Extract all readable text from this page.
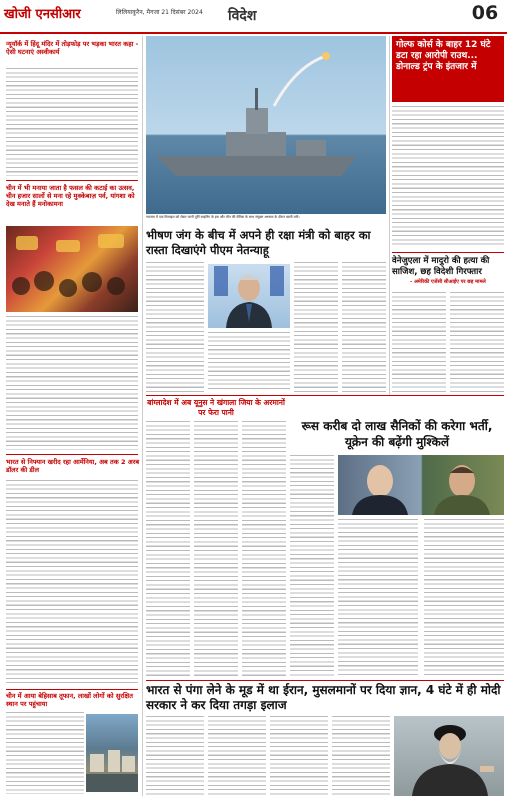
खोजी एनसीआर	लिलियाकुरैन, मैगजा 21 दिसंबर 2024 विदेश	06
न्यूयॉर्क में हिंदू मंदिर में तोड़फोड़ पर भड़का भारत कहा - ऐसी घटनाएं अस्वीकार्य
चीन में भी मनाया जाता है फसल की कटाई का उत्सव, चीन हजार सालों से मना रहे मुक्केबाज़ पर्व, यांगशा को देख मनाते हैं मनोकामना
भारत से निफ्यान खरीद रहा आर्मेनिया, अब तक 2 अरब डॉलर की डील
चीन में आया बेहिसाब तूफान, लाखों लोगों को सुरक्षित स्थान पर पहुंचाया
नाटसम में एक मिसाइल को लेकर जानी पूर्ति साइनिंग के इस और चीन की सैनिक के साथ संयुक्त अभ्यास के दौरान खानी वनी।
भीषण जंग के बीच में अपने ही रक्षा मंत्री को बाहर का रास्ता दिखाएंगे पीएम नेतन्याहू
गोल्फ कोर्स के बाहर 12 घंटे डटा रहा आरोपी राउथ... डोनाल्ड ट्रंप के इंतजार में
वेनेजुएला में मादुरो की हत्या की साजिश, छह विदेशी गिरफ्तार
- अमेरिकी एजेंसी सीआईए पर छह मामले
बांग्लादेश में अब यूनुस ने खंगाला जिया के अरमानों पर फेरा पानी
रूस करीब दो लाख सैनिकों की करेगा भर्ती, यूक्रेन की बढ़ेंगी मुश्किलें
भारत से पंगा लेने के मूड में था ईरान, मुसलमानों पर दिया ज्ञान, 4 घंटे में ही मोदी सरकार ने कर दिया तगड़ा इलाज
